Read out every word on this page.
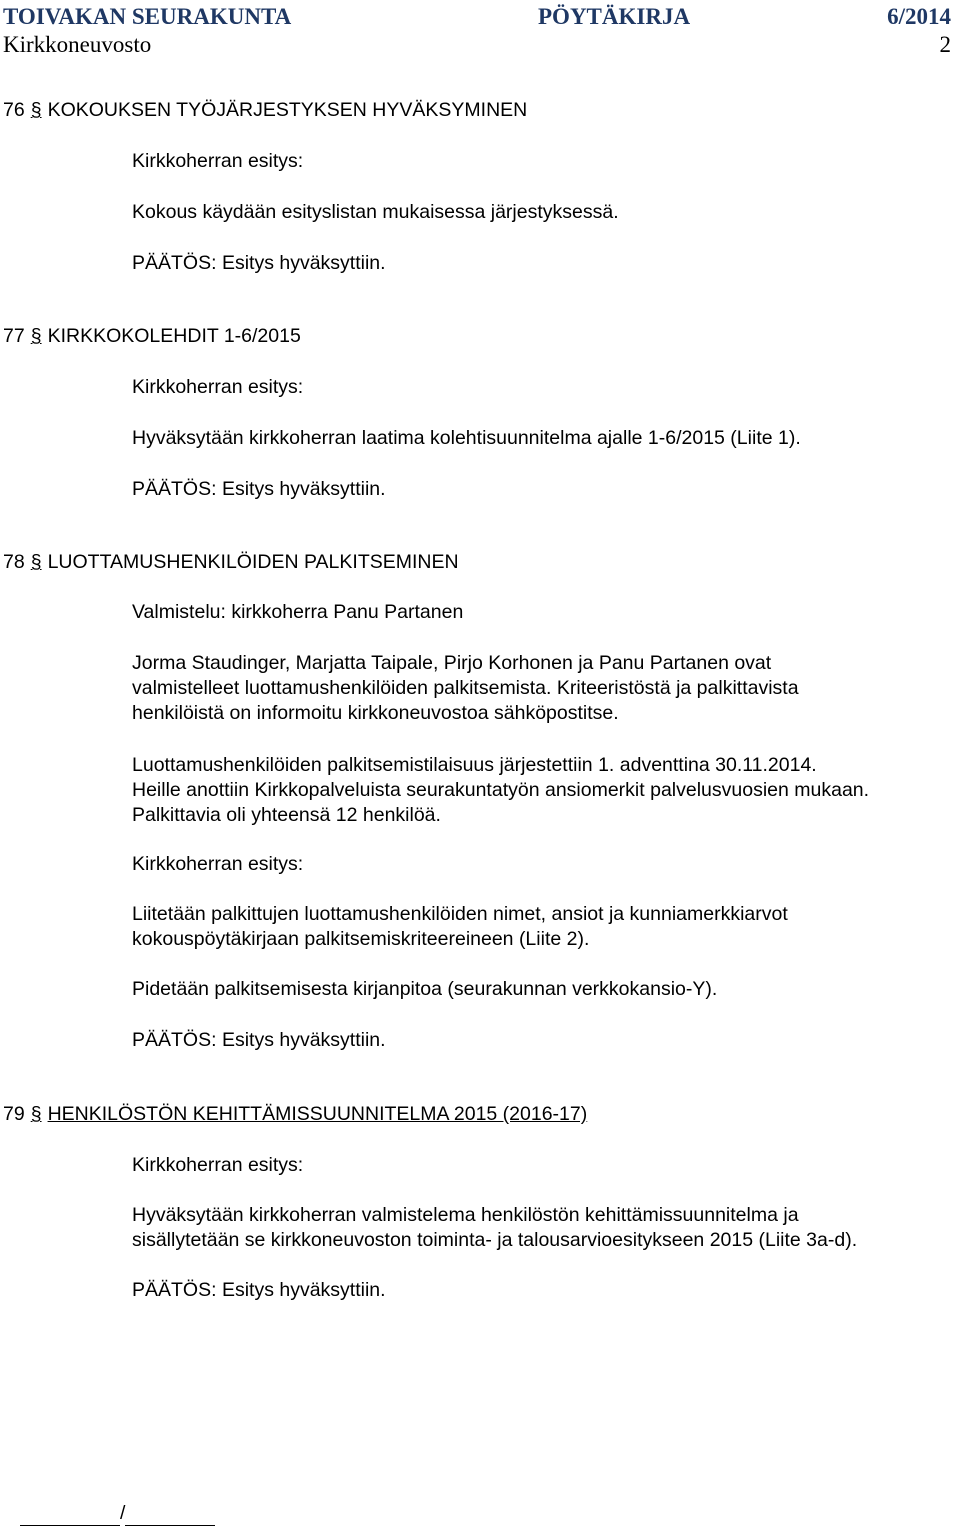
TOIVAKAN SEURAKUNTA	PÖYTÄKIRJA	6/2014
Kirkkoneuvosto	2
76 § KOKOUKSEN TYÖJÄRJESTYKSEN HYVÄKSYMINEN
Kirkkoherran esitys:
Kokous käydään esityslistan mukaisessa järjestyksessä.
PÄÄTÖS: Esitys hyväksyttiin.
77 § KIRKKOKOLEHDIT 1-6/2015
Kirkkoherran esitys:
Hyväksytään kirkkoherran laatima kolehtisuunnitelma ajalle 1-6/2015 (Liite 1).
PÄÄTÖS: Esitys hyväksyttiin.
78 § LUOTTAMUSHENKILÖIDEN PALKITSEMINEN
Valmistelu: kirkkoherra Panu Partanen
Jorma Staudinger, Marjatta Taipale, Pirjo Korhonen ja Panu Partanen ovat
valmistelleet luottamushenkilöiden palkitsemista. Kriteeristöstä ja palkittavista
henkilöistä on informoitu kirkkoneuvostoa sähköpostitse.
Luottamushenkilöiden palkitsemistilaisuus järjestettiin 1. adventtina 30.11.2014.
Heille anottiin Kirkkopalveluista seurakuntatyön ansiomerkit palvelusvuosien mukaan.
Palkittavia oli yhteensä 12 henkilöä.
Kirkkoherran esitys:
Liitetään palkittujen luottamushenkilöiden nimet, ansiot ja kunniamerkkiarvot
kokouspöytäkirjaan palkitsemiskriteereineen (Liite 2).
Pidetään palkitsemisesta kirjanpitoa (seurakunnan verkkokansio-Y).
PÄÄTÖS: Esitys hyväksyttiin.
79 § HENKILÖSTÖN KEHITTÄMISSUUNNITELMA 2015 (2016-17)
Kirkkoherran esitys:
Hyväksytään kirkkoherran valmistelema henkilöstön kehittämissuunnitelma ja
sisällytetään se kirkkoneuvoston toiminta- ja talousarvioesitykseen 2015 (Liite 3a-d).
PÄÄTÖS: Esitys hyväksyttiin.
/
